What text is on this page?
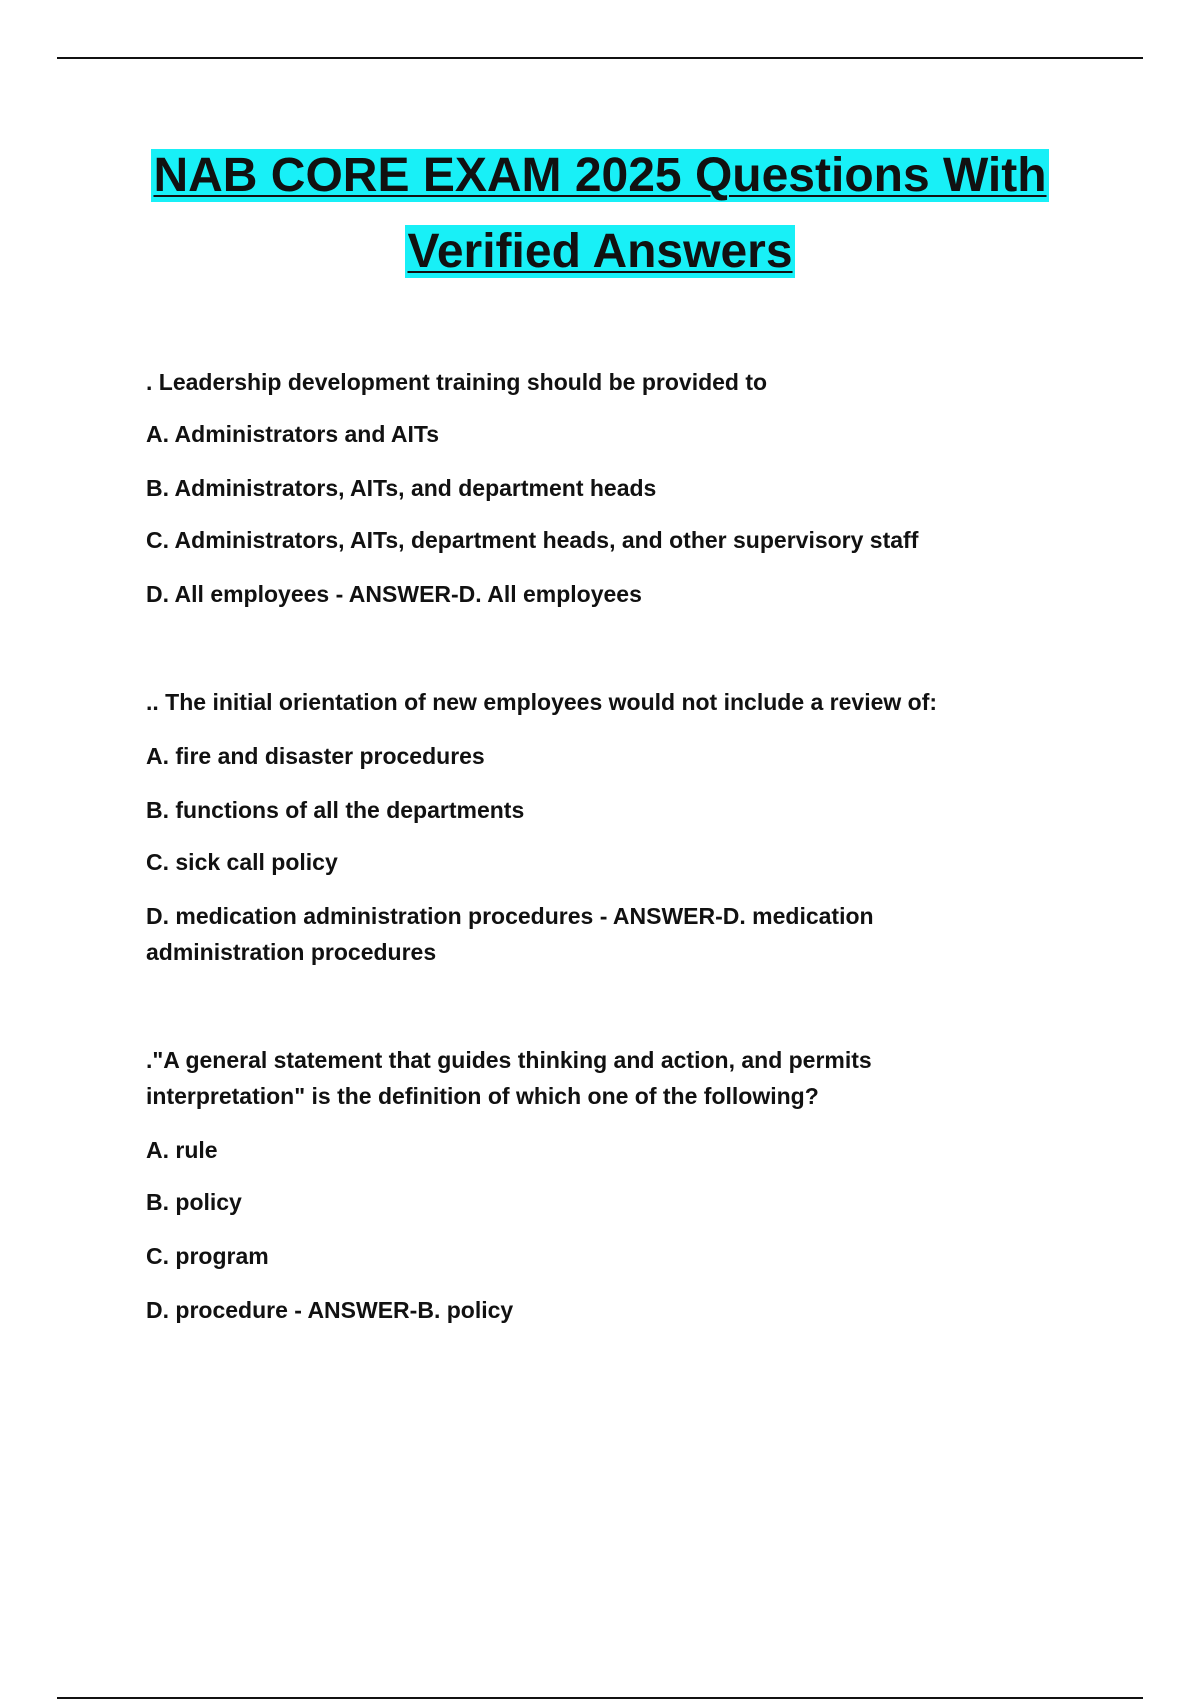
NAB CORE EXAM 2025 Questions With
Verified Answers
. Leadership development training should be provided to
A. Administrators and AITs
B. Administrators, AITs, and department heads
C. Administrators, AITs, department heads, and other supervisory staff
D. All employees - ANSWER-D. All employees
.. The initial orientation of new employees would not include a review of:
A. fire and disaster procedures
B. functions of all the departments
C. sick call policy
D. medication administration procedures - ANSWER-D. medication administration procedures
."A general statement that guides thinking and action, and permits interpretation" is the definition of which one of the following?
A. rule
B. policy
C. program
D. procedure - ANSWER-B. policy
